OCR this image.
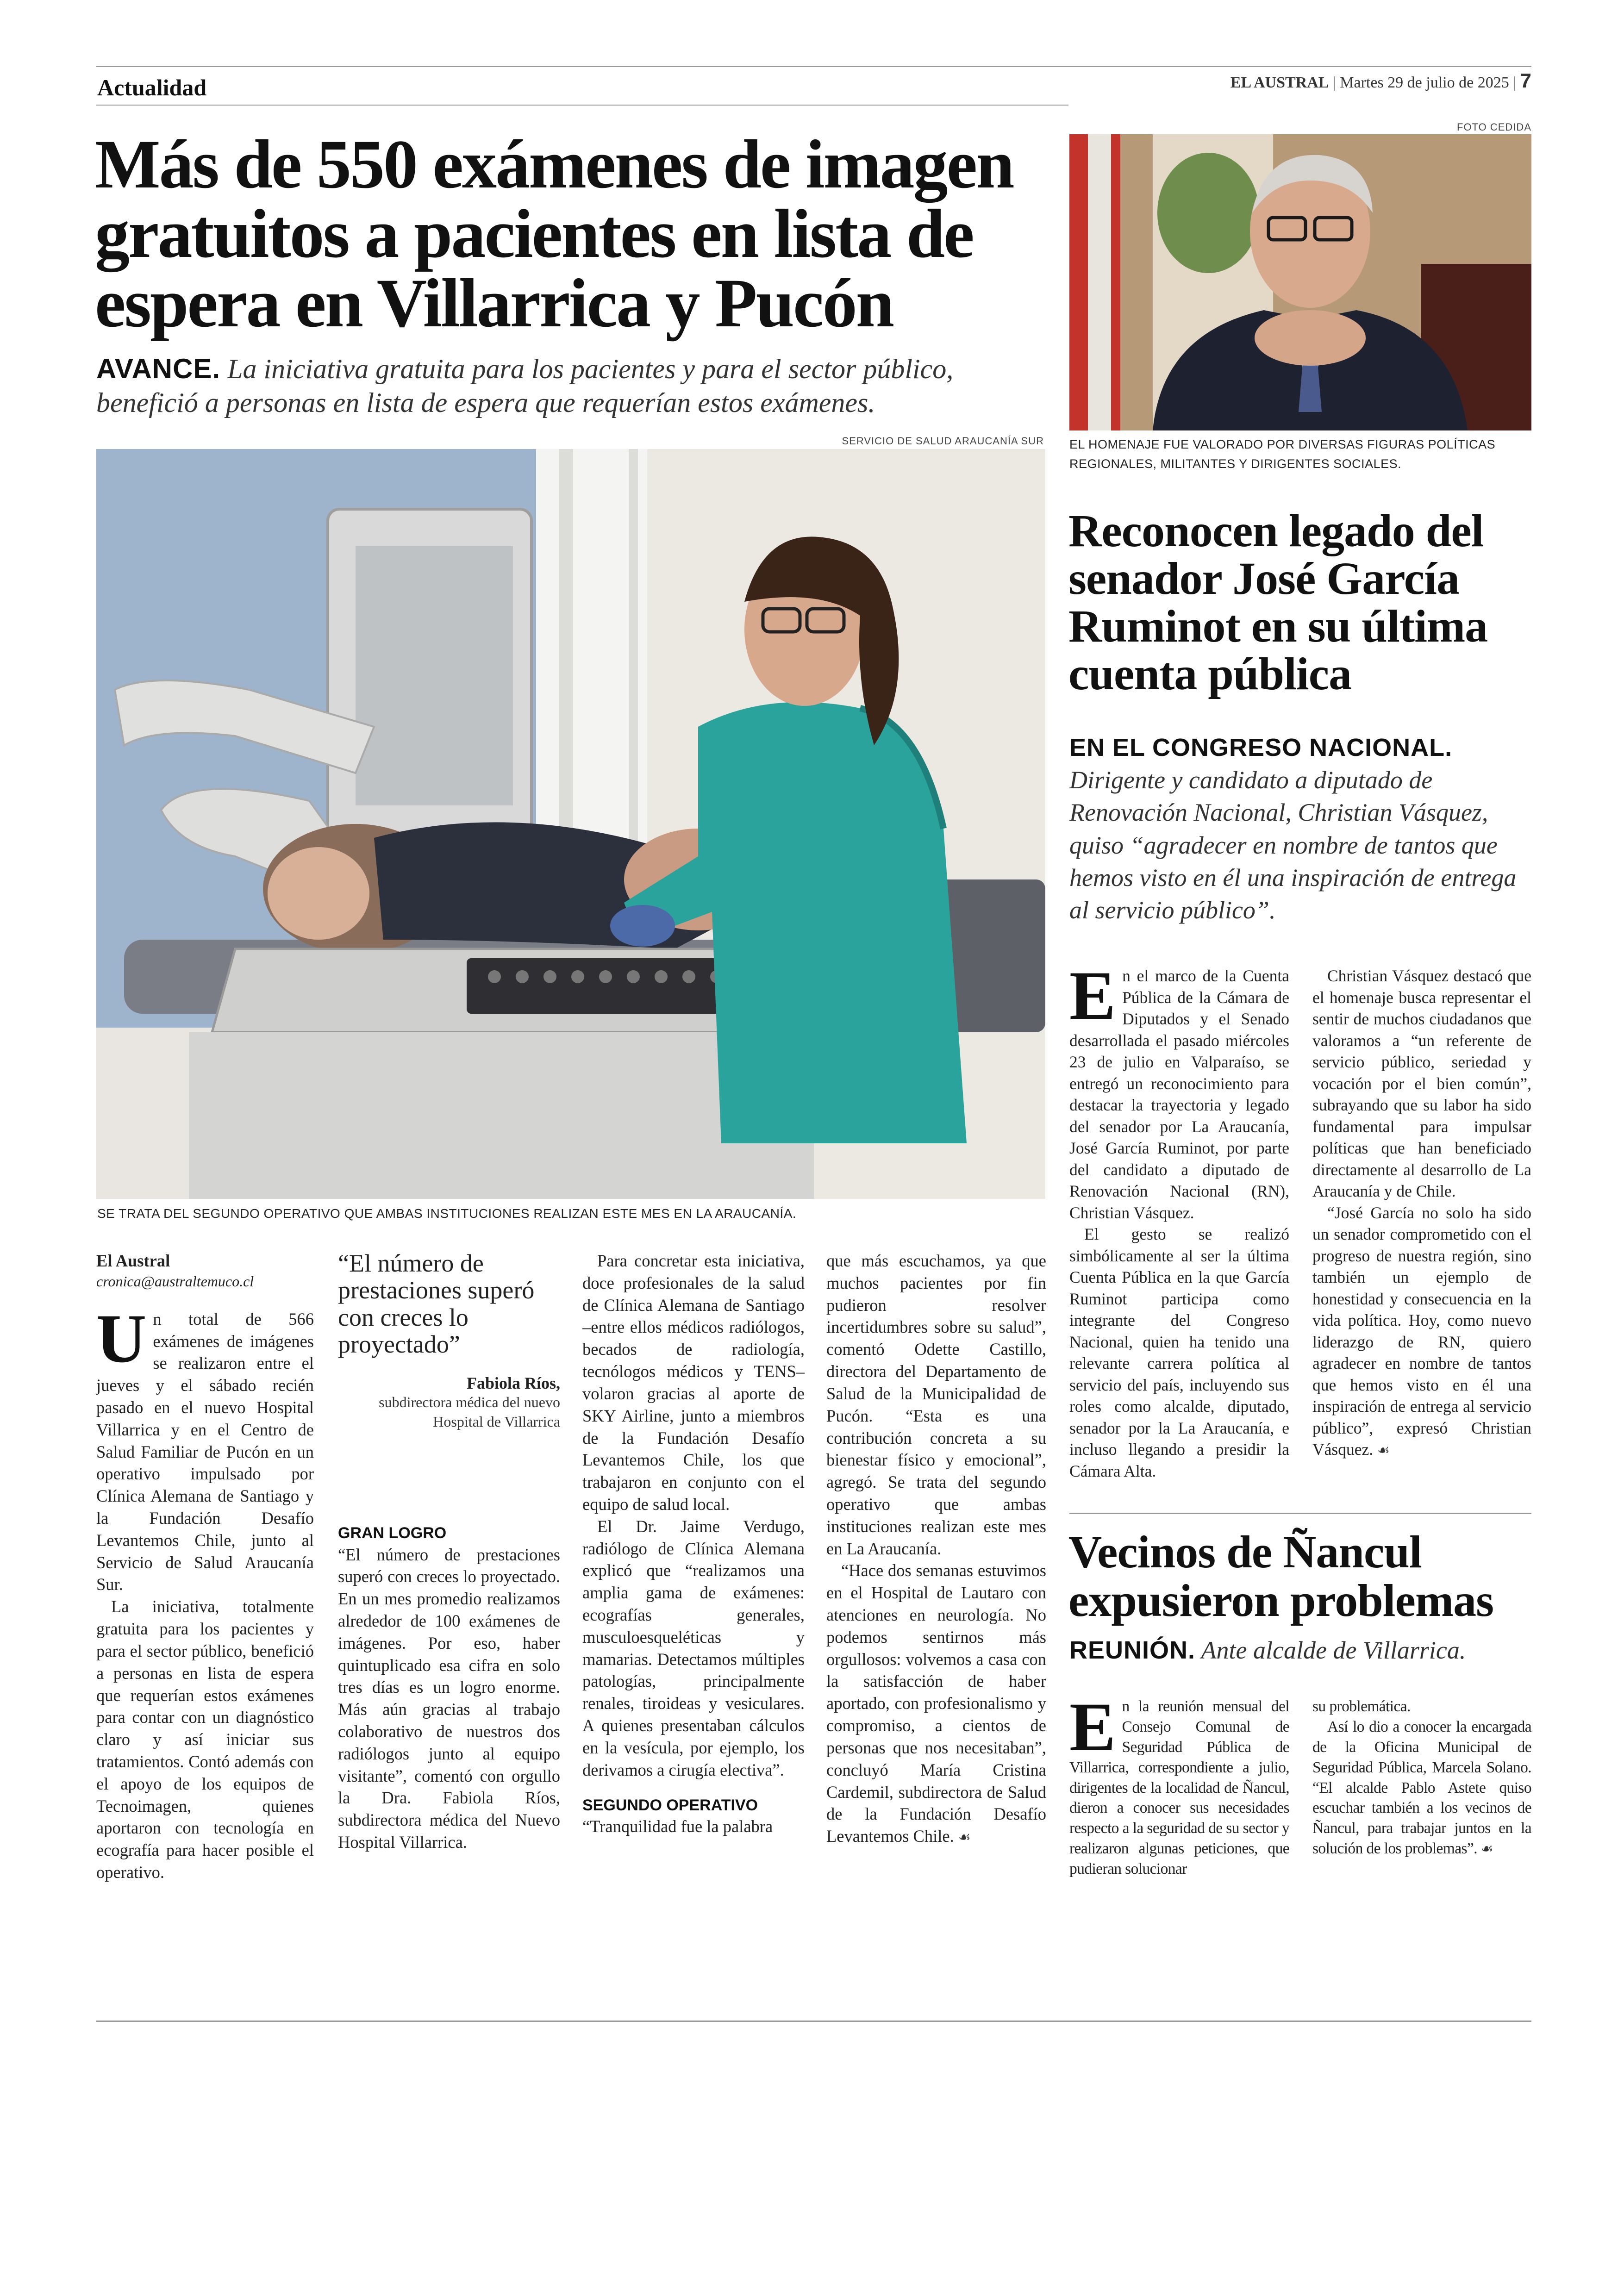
Actualidad	EL AUSTRAL | Martes 29 de julio de 2025 | 7
Más de 550 exámenes de imagen
gratuitos a pacientes en lista de
espera en Villarrica y Pucón
AVANCE. La iniciativa gratuita para los pacientes y para el sector público, benefició a personas en lista de espera que requerían estos exámenes.
SERVICIO DE SALUD ARAUCANÍA SUR
SE TRATA DEL SEGUNDO OPERATIVO QUE AMBAS INSTITUCIONES REALIZAN ESTE MES EN LA ARAUCANÍA.

El Austral

cronica@australtemuco.cl

Un total de 566 exámenes de imágenes se realizaron entre el jueves y el sábado recién pasado en el nuevo Hospital Villarrica y en el Centro de Salud Familiar de Pucón en un operativo impulsado por Clínica Alemana de Santiago y la Fundación Desafío Levantemos Chile, junto al Servicio de Salud Araucanía Sur.

La iniciativa, totalmente gratuita para los pacientes y para el sector público, benefició a personas en lista de espera que requerían estos exámenes para contar con un diagnóstico claro y así iniciar sus tratamientos. Contó además con el apoyo de los equipos de Tecnoimagen, quienes aportaron con tecnología en ecografía para hacer posible el operativo.

“El número de prestaciones superó con creces lo proyectado”
Fabiola Ríos,
subdirectora médica del nuevo Hospital de Villarrica

GRAN LOGRO

“El número de prestaciones superó con creces lo proyectado. En un mes promedio realizamos alrededor de 100 exámenes de imágenes. Por eso, haber quintuplicado esa cifra en solo tres días es un logro enorme. Más aún gracias al trabajo colaborativo de nuestros dos radiólogos junto al equipo visitante”, comentó con orgullo la Dra. Fabiola Ríos, subdirectora médica del Nuevo Hospital Villarrica.

Para concretar esta iniciativa, doce profesionales de la salud de Clínica Alemana de Santiago –entre ellos médicos radiólogos, becados de radiología, tecnólogos médicos y TENS– volaron gracias al aporte de SKY Airline, junto a miembros de la Fundación Desafío Levantemos Chile, los que trabajaron en conjunto con el equipo de salud local.

El Dr. Jaime Verdugo, radiólogo de Clínica Alemana explicó que “realizamos una amplia gama de exámenes: ecografías generales, musculoesqueléticas y mamarias. Detectamos múltiples patologías, principalmente renales, tiroideas y vesiculares. A quienes presentaban cálculos en la vesícula, por ejemplo, los derivamos a cirugía electiva”.

SEGUNDO OPERATIVO

“Tranquilidad fue la palabra

que más escuchamos, ya que muchos pacientes por fin pudieron resolver incertidumbres sobre su salud”, comentó Odette Castillo, directora del Departamento de Salud de la Municipalidad de Pucón. “Esta es una contribución concreta a su bienestar físico y emocional”, agregó. Se trata del segundo operativo que ambas instituciones realizan este mes en La Araucanía.

“Hace dos semanas estuvimos en el Hospital de Lautaro con atenciones en neurología. No podemos sentirnos más orgullosos: volvemos a casa con la satisfacción de haber aportado, con profesionalismo y compromiso, a cientos de personas que nos necesitaban”, concluyó María Cristina Cardemil, subdirectora de Salud de la Fundación Desafío Levantemos Chile. ☙

FOTO CEDIDA
EL HOMENAJE FUE VALORADO POR DIVERSAS FIGURAS POLÍTICAS REGIONALES, MILITANTES Y DIRIGENTES SOCIALES.
Reconocen legado del
senador José García
Ruminot en su última
cuenta pública
EN EL CONGRESO NACIONAL. Dirigente y candidato a diputado de Renovación Nacional, Christian Vásquez, quiso “agradecer en nombre de tantos que hemos visto en él una inspiración de entrega al servicio público”.

En el marco de la Cuenta Pública de la Cámara de Diputados y el Senado desarrollada el pasado miércoles 23 de julio en Valparaíso, se entregó un reconocimiento para destacar la trayectoria y legado del senador por La Araucanía, José García Ruminot, por parte del candidato a diputado de Renovación Nacional (RN), Christian Vásquez.

El gesto se realizó simbólicamente al ser la última Cuenta Pública en la que García Ruminot participa como integrante del Congreso Nacional, quien ha tenido una relevante carrera política al servicio del país, incluyendo sus roles como alcalde, diputado, senador por la La Araucanía, e incluso llegando a presidir la Cámara Alta.

Christian Vásquez destacó que el homenaje busca representar el sentir de muchos ciudadanos que valoramos a “un referente de servicio público, seriedad y vocación por el bien común”, subrayando que su labor ha sido fundamental para impulsar políticas que han beneficiado directamente al desarrollo de La Araucanía y de Chile.

“José García no solo ha sido un senador comprometido con el progreso de nuestra región, sino también un ejemplo de honestidad y consecuencia en la vida política. Hoy, como nuevo liderazgo de RN, quiero agradecer en nombre de tantos que hemos visto en él una inspiración de entrega al servicio público”, expresó Christian Vásquez. ☙

Vecinos de Ñancul
expusieron problemas
REUNIÓN. Ante alcalde de Villarrica.

En la reunión mensual del Consejo Comunal de Seguridad Pública de Villarrica, correspondiente a julio, dirigentes de la localidad de Ñancul, dieron a conocer sus necesidades respecto a la seguridad de su sector y realizaron algunas peticiones, que pudieran solucionar

su problemática.

Así lo dio a conocer la encargada de la Oficina Municipal de Seguridad Pública, Marcela Solano. “El alcalde Pablo Astete quiso escuchar también a los vecinos de Ñancul, para trabajar juntos en la solución de los problemas”. ☙
